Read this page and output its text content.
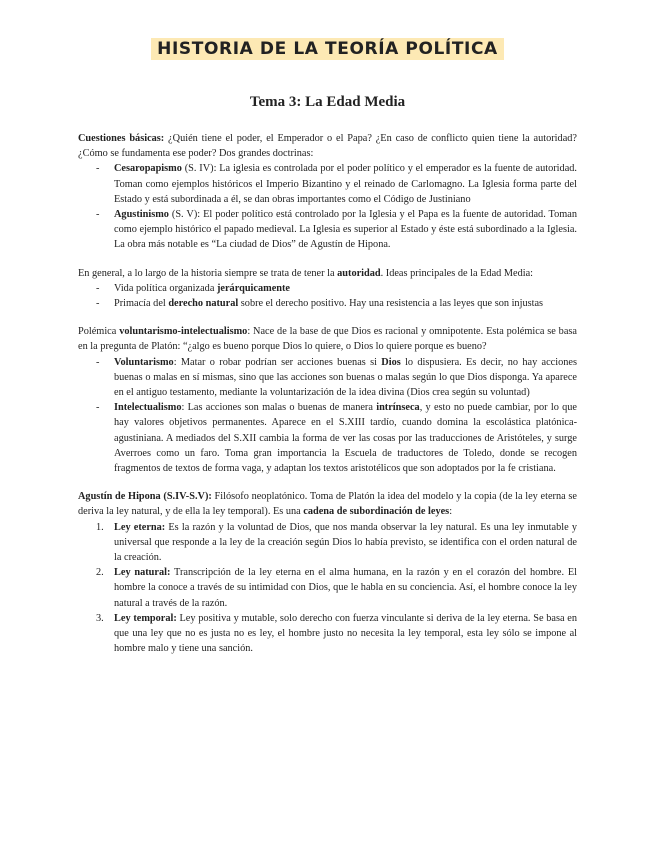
HISTORIA DE LA TEORÍA POLÍTICA
Tema 3: La Edad Media

Cuestiones básicas: ¿Quién tiene el poder, el Emperador o el Papa? ¿En caso de conflicto quien tiene la autoridad? ¿Cómo se fundamenta ese poder? Dos grandes doctrinas:

- Cesaropapismo (S. IV): La iglesia es controlada por el poder político y el emperador es la fuente de autoridad. Toman como ejemplos históricos el Imperio Bizantino y el reinado de Carlomagno. La Iglesia forma parte del Estado y está subordinada a él, se dan obras importantes como el Código de Justiniano
- Agustinismo (S. V): El poder político está controlado por la Iglesia y el Papa es la fuente de autoridad. Toman como ejemplo histórico el papado medieval. La Iglesia es superior al Estado y éste está subordinado a la Iglesia. La obra más notable es “La ciudad de Dios” de Agustín de Hipona.

En general, a lo largo de la historia siempre se trata de tener la autoridad. Ideas principales de la Edad Media:

- Vida política organizada jerárquicamente
- Primacía del derecho natural sobre el derecho positivo. Hay una resistencia a las leyes que son injustas

Polémica voluntarismo-intelectualismo: Nace de la base de que Dios es racional y omnipotente. Esta polémica se basa en la pregunta de Platón: “¿algo es bueno porque Dios lo quiere, o Dios lo quiere porque es bueno?

- Voluntarismo: Matar o robar podrían ser acciones buenas si Dios lo dispusiera. Es decir, no hay acciones buenas o malas en sí mismas, sino que las acciones son buenas o malas según lo que Dios disponga. Ya aparece en el antiguo testamento, mediante la voluntarización de la idea divina (Dios crea según su voluntad)
- Intelectualismo: Las acciones son malas o buenas de manera intrínseca, y esto no puede cambiar, por lo que hay valores objetivos permanentes. Aparece en el S.XIII tardío, cuando domina la escolástica platónica-agustiniana. A mediados del S.XII cambia la forma de ver las cosas por las traducciones de Aristóteles, y surge Averroes como un faro. Toma gran importancia la Escuela de traductores de Toledo, donde se recogen fragmentos de textos de forma vaga, y adaptan los textos aristotélicos que son adoptados por la fe cristiana.

Agustín de Hipona (S.IV-S.V): Filósofo neoplatónico. Toma de Platón la idea del modelo y la copia (de la ley eterna se deriva la ley natural, y de ella la ley temporal). Es una cadena de subordinación de leyes:

1. Ley eterna: Es la razón y la voluntad de Dios, que nos manda observar la ley natural. Es una ley inmutable y universal que responde a la ley de la creación según Dios lo había previsto, se identifica con el orden natural de la creación.
2. Ley natural: Transcripción de la ley eterna en el alma humana, en la razón y en el corazón del hombre. El hombre la conoce a través de su intimidad con Dios, que le habla en su conciencia. Así, el hombre conoce la ley natural a través de la razón.
3. Ley temporal: Ley positiva y mutable, solo derecho con fuerza vinculante si deriva de la ley eterna. Se basa en que una ley que no es justa no es ley, el hombre justo no necesita la ley temporal, esta ley sólo se impone al hombre malo y tiene una sanción.
